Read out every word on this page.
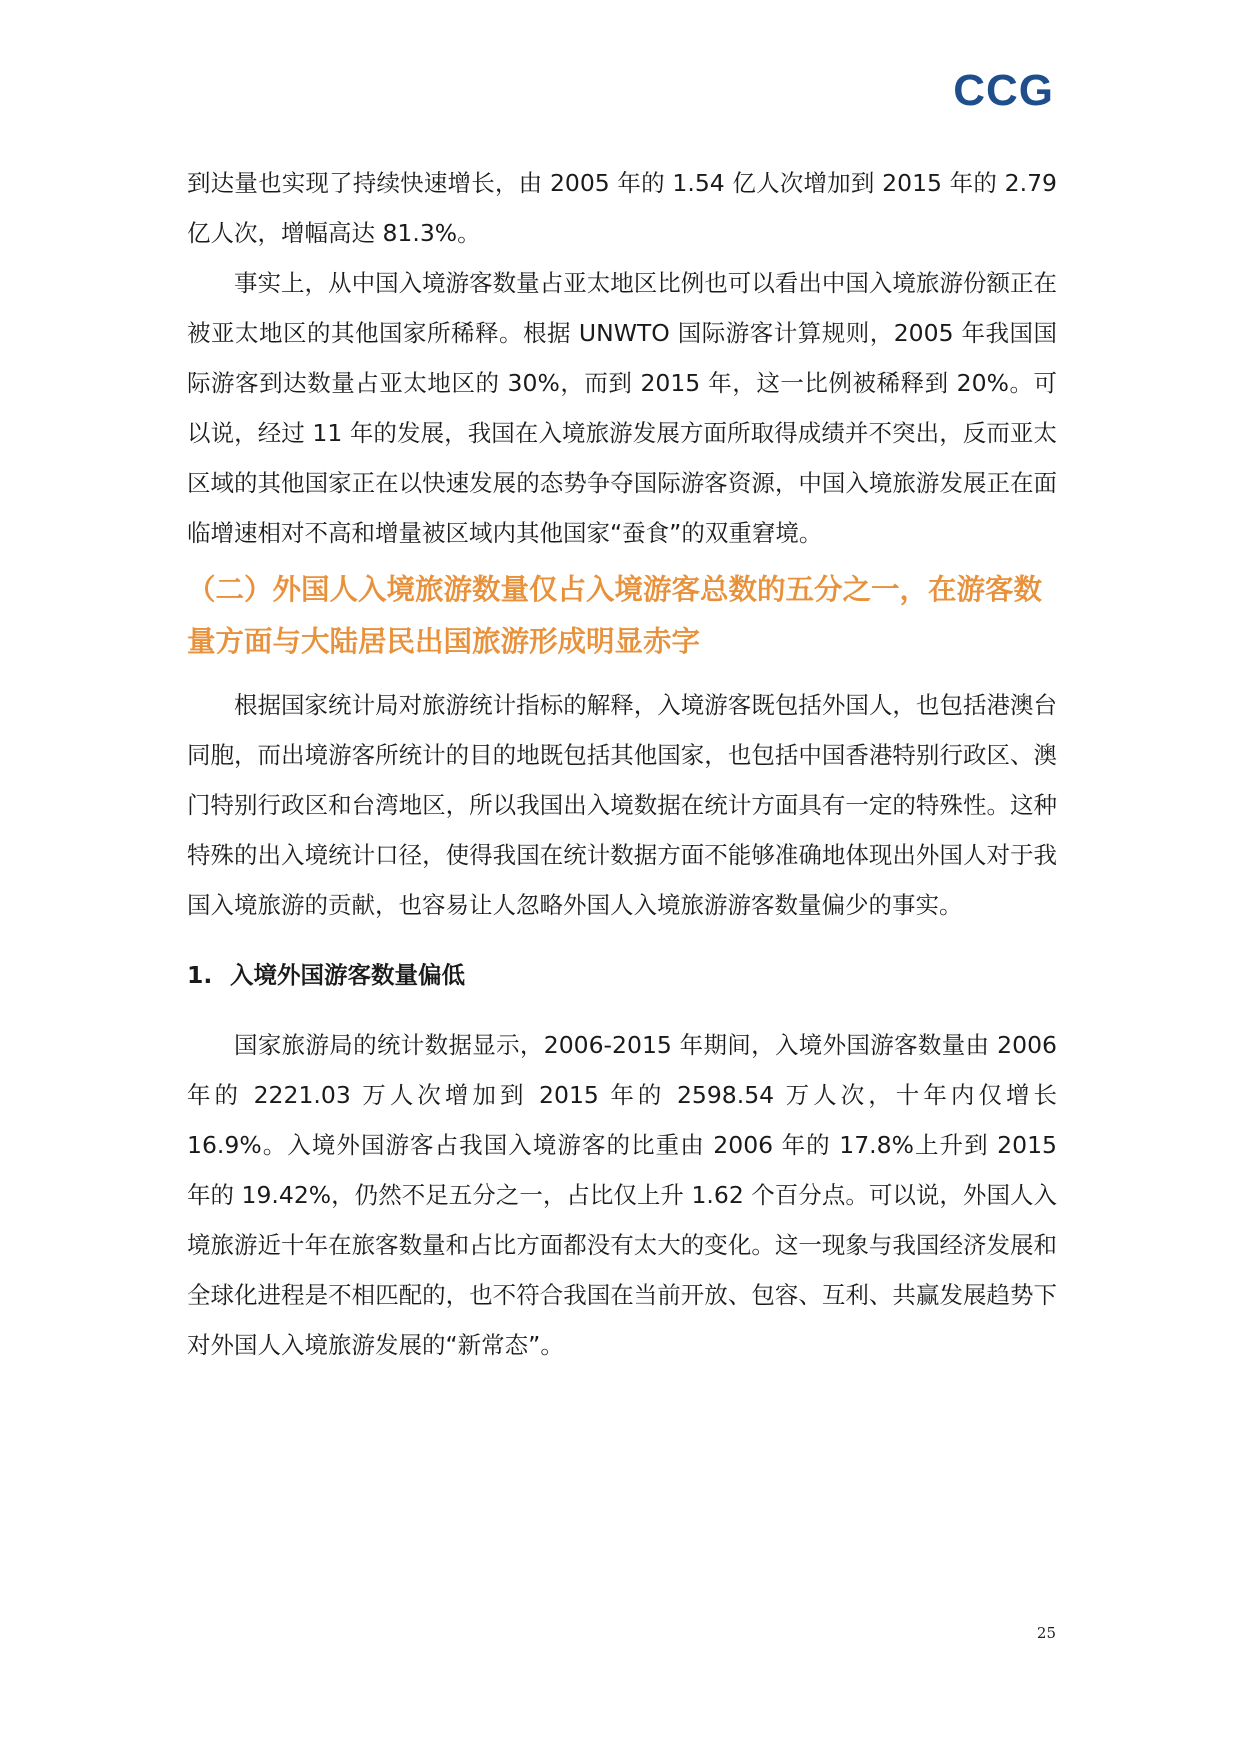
CCG

到达量也实现了持续快速增长，由 2005 年的 1.54 亿人次增加到 2015 年的 2.79 亿人次，增幅高达 81.3%。

事实上，从中国入境游客数量占亚太地区比例也可以看出中国入境旅游份额正在被亚太地区的其他国家所稀释。根据 UNWTO 国际游客计算规则，2005 年我国国际游客到达数量占亚太地区的 30%，而到 2015 年，这一比例被稀释到 20%。可以说，经过 11 年的发展，我国在入境旅游发展方面所取得成绩并不突出，反而亚太区域的其他国家正在以快速发展的态势争夺国际游客资源，中国入境旅游发展正在面临增速相对不高和增量被区域内其他国家“蚕食”的双重窘境。

（二）外国人入境旅游数量仅占入境游客总数的五分之一，在游客数量方面与大陆居民出国旅游形成明显赤字

根据国家统计局对旅游统计指标的解释，入境游客既包括外国人，也包括港澳台同胞，而出境游客所统计的目的地既包括其他国家，也包括中国香港特别行政区、澳门特别行政区和台湾地区，所以我国出入境数据在统计方面具有一定的特殊性。这种特殊的出入境统计口径，使得我国在统计数据方面不能够准确地体现出外国人对于我国入境旅游的贡献，也容易让人忽略外国人入境旅游游客数量偏少的事实。

1. 入境外国游客数量偏低

国家旅游局的统计数据显示，2006-2015 年期间，入境外国游客数量由 2006 年的 2221.03 万人次增加到 2015 年的 2598.54 万人次，十年内仅增长 16.9%。入境外国游客占我国入境游客的比重由 2006 年的 17.8%上升到 2015 年的 19.42%，仍然不足五分之一，占比仅上升 1.62 个百分点。可以说，外国人入境旅游近十年在旅客数量和占比方面都没有太大的变化。这一现象与我国经济发展和全球化进程是不相匹配的，也不符合我国在当前开放、包容、互利、共赢发展趋势下对外国人入境旅游发展的“新常态”。

25
